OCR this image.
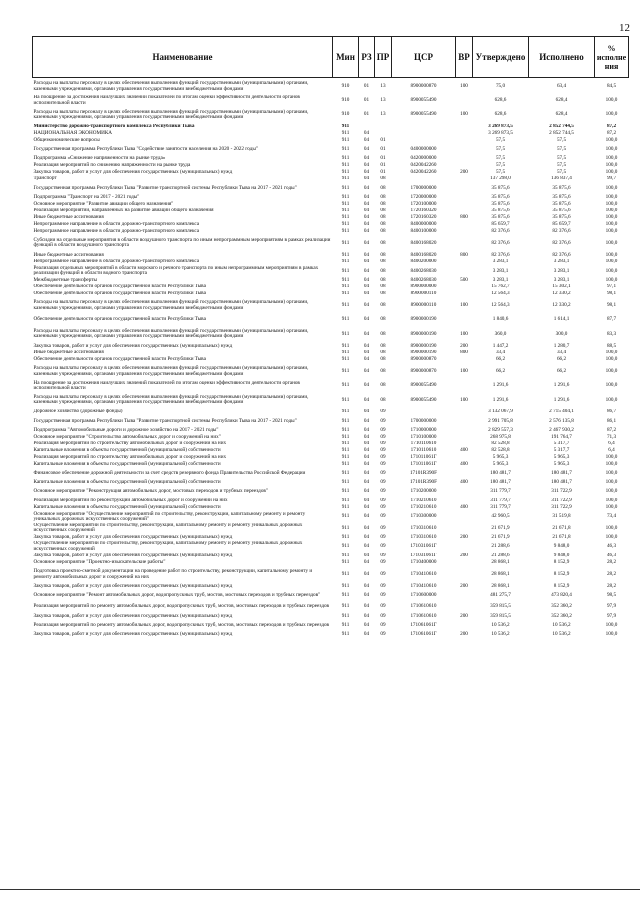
12
Наименование	Мин	РЗ	ПР	ЦСР	ВР	Утверждено	Исполнено	% исполне ния
Расходы на выплаты персоналу в целях обеспечения выполнения функций государственными (муниципальными) органами, казенными учреждениями, органами управления государственными внебюджетными фондами	910	01	13	8900000870	100	75,0	63,4	84,5
На поощрение за достижения наилучших значений показателей по итогам оценки эффективности деятельности органов исполнительной власти	910	01	13	8900055490		628,6	628,4	100,0
Расходы на выплаты персоналу в целях обеспечения выполнения функций государственными (муниципальными) органами, казенными учреждениями, органами управления государственными внебюджетными фондами	910	01	13	8900055490	100	628,6	628,4	100,0
Министерство дорожно-транспортного комплекса Республики Тыва	911					3 269 873,5	2 852 744,5	87,2
НАЦИОНАЛЬНАЯ ЭКОНОМИКА	911	04				3 269 873,5	2 852 744,5	87,2
Общеэкономические вопросы	911	04	01			57,5	57,5	100,0
Государственная программа Республики Тыва "Содействие занятости населения на 2020 - 2022 годы"	911	04	01	0400000000		57,5	57,5	100,0
Подпрограмма «Снижение напряженности на рынке труда»	911	04	01	0420000000		57,5	57,5	100,0
Реализация мероприятий по снижению напряженности на рынке труда	911	04	01	0420042260		57,5	57,5	100,0
Закупка товаров, работ и услуг для обеспечения государственных (муниципальных) нужд	911	04	01	0420042260	200	57,5	57,5	100,0
Транспорт	911	04	08			137 298,0	136 837,4	99,7
Государственная программа Республики Тыва "Развитие транспортной системы Республики Тыва на 2017 - 2021 годы"	911	04	08	1700000000		35 875,6	35 875,6	100,0
Подпрограмма "Транспорт на 2017 - 2021 годы"	911	04	08	1720000000		35 875,6	35 875,6	100,0
Основное мероприятие "Развитие авиации общего назначения"	911	04	08	1720100000		35 875,6	35 875,6	100,0
Реализация мероприятий, направленных на развитие авиации общего назначения	911	04	08	1720160320		35 875,6	35 875,6	100,0
Иные бюджетные ассигнования	911	04	08	1720160320	800	35 875,6	35 875,6	100,0
Непрограммное направление в области дорожно-транспортного комплекса	911	04	08	8400000000		85 659,7	85 659,7	100,0
Непрограммное направление в области дорожно-транспортного комплекса	911	04	08	8400100000		82 376,6	82 376,6	100,0
Субсидии на отдельные мероприятия в области воздушного транспорта по иным непрограммным мероприятиям в рамках реализации функций в области воздушного транспорта	911	04	08	8400168020		82 376,6	82 376,6	100,0
Иные бюджетные ассигнования	911	04	08	8400168020	800	82 376,6	82 376,6	100,0
Непрограммное направление в области дорожно-транспортного комплекса	911	04	08	8400200000		3 283,1	3 283,1	100,0
Реализация отдельных мероприятий в области морского и речного транспорта по иным непрограммным мероприятиям в рамках реализации функций в области водного транспорта	911	04	08	8400268030		3 283,1	3 283,1	100,0
Межбюджетные трансферты	911	04	08	8400268030	500	3 283,1	3 283,1	100,0
Обеспечение деятельности органов государственной власти Республики Тыва	911	04	08	8900000000		15 762,7	15 302,1	97,1
Обеспечение деятельности органов государственной власти Республики Тыва	911	04	08	8900000110		12 564,3	12 330,2	98,1
Расходы на выплаты персоналу в целях обеспечения выполнения функций государственными (муниципальными) органами, казенными учреждениями, органами управления государственными внебюджетными фондами	911	04	08	8900000110	100	12 564,3	12 330,2	98,1
Обеспечение деятельности органов государственной власти Республики Тыва	911	04	08	8900000190		1 840,6	1 614,1	87,7
Расходы на выплаты персоналу в целях обеспечения выполнения функций государственными (муниципальными) органами, казенными учреждениями, органами управления государственными внебюджетными фондами	911	04	08	8900000190	100	360,0	300,0	83,3
Закупка товаров, работ и услуг для обеспечения государственных (муниципальных) нужд	911	04	08	8900000190	200	1 447,2	1 280,7	88,5
Иные бюджетные ассигнования	911	04	08	8900000190	800	33,4	33,4	100,0
Обеспечение деятельности органов государственной власти Республики Тыва	911	04	08	8900000870		66,2	66,2	100,0
Расходы на выплаты персоналу в целях обеспечения выполнения функций государственными (муниципальными) органами, казенными учреждениями, органами управления государственными внебюджетными фондами	911	04	08	8900000870	100	66,2	66,2	100,0
На поощрение за достижения наилучших значений показателей по итогам оценки эффективности деятельности органов исполнительной власти	911	04	08	8900055490		1 291,6	1 291,6	100,0
Расходы на выплаты персоналу в целях обеспечения выполнения функций государственными (муниципальными) органами, казенными учреждениями, органами управления государственными внебюджетными фондами	911	04	08	8900055490	100	1 291,6	1 291,6	100,0
Дорожное хозяйство (дорожные фонды)	911	04	09			3 132 067,9	2 715 404,1	86,7
Государственная программа Республики Тыва "Развитие транспортной системы Республики Тыва на 2017 - 2021 годы"	911	04	09	1700000000		2 991 705,8	2 576 135,8	86,1
Подпрограмма "Автомобильные дороги и дорожное хозяйство на 2017 - 2021 годы"	911	04	09	1710000000		2 829 557,3	2 467 930,2	87,2
Основное мероприятие "Строительство автомобильных дорог и сооружений на них"	911	04	09	1710100000		268 975,8	191 764,7	71,3
Реализация мероприятий по строительству автомобильных дорог и сооружений на них	911	04	09	1710110610		82 528,8	5 317,7	6,4
Капитальные вложения в объекты государственной (муниципальной) собственности	911	04	09	1710110610	400	82 528,8	5 317,7	6,4
Реализация мероприятий по строительству автомобильных дорог и сооружений на них	911	04	09	171011061Г		5 965,3	5 965,3	100,0
Капитальные вложения в объекты государственной (муниципальной) собственности	911	04	09	171011061Г	400	5 965,3	5 965,3	100,0
Финансовое обеспечение дорожной деятельности за счет средств резервного фонда Правительства Российской Федерации	911	04	09	17101R390F		180 481,7	180 481,7	100,0
Капитальные вложения в объекты государственной (муниципальной) собственности	911	04	09	17101R390F	400	180 481,7	180 481,7	100,0
Основное мероприятие "Реконструкция автомобильных дорог, мостовых переходов и трубных переездов"	911	04	09	1710200000		311 779,7	311 722,9	100,0
Реализация мероприятий по реконструкции автомобильных дорог и сооружений на них	911	04	09	1710210610		311 779,7	311 722,9	100,0
Капитальные вложения в объекты государственной (муниципальной) собственности	911	04	09	1710210610	400	311 779,7	311 722,9	100,0
Основное мероприятие "Осуществление мероприятий по строительству, реконструкции, капитальному ремонту и ремонту уникальных дорожных искусственных сооружений"	911	04	09	1710300000		42 960,5	31 519,8	73,4
Осуществление мероприятий по строительству, реконструкции, капитальному ремонту и ремонту уникальных дорожных искусственных сооружений	911	04	09	1710310610		21 671,9	21 671,8	100,0
Закупка товаров, работ и услуг для обеспечения государственных (муниципальных) нужд	911	04	09	1710310610	200	21 671,9	21 671,8	100,0
Осуществление мероприятий по строительству, реконструкции, капитальному ремонту и ремонту уникальных дорожных искусственных сооружений	911	04	09	171031061Г		21 288,6	9 848,0	46,3
Закупка товаров, работ и услуг для обеспечения государственных (муниципальных) нужд	911	04	09	171031061Г	200	21 288,6	9 848,0	46,3
Основное мероприятие "Проектно-изыскательские работы"	911	04	09	1710400000		28 868,1	8 152,9	28,2
Подготовка проектно-сметной документации на проведение работ по строительству, реконструкции, капитальному ремонту и ремонту автомобильных дорог и сооружений на них	911	04	09	1710410610		28 868,1	8 152,9	28,2
Закупка товаров, работ и услуг для обеспечения государственных (муниципальных) нужд	911	04	09	1710410610	200	28 868,1	8 152,9	28,2
Основное мероприятие "Ремонт автомобильных дорог, водопропускных труб, мостов, мостовых переходов и трубных переездов"	911	04	09	1710600000		481 275,7	473 820,4	98,5
Реализация мероприятий по ремонту автомобильных дорог, водопропускных труб, мостов, мостовых переходов и трубных переездов	911	04	09	1710610610		359 815,5	352 360,2	97,9
Закупка товаров, работ и услуг для обеспечения государственных (муниципальных) нужд	911	04	09	1710610610	200	359 815,5	352 360,2	97,9
Реализация мероприятий по ремонту автомобильных дорог, водопропускных труб, мостов, мостовых переходов и трубных переездов	911	04	09	171061061Г		10 536,2	10 536,2	100,0
Закупка товаров, работ и услуг для обеспечения государственных (муниципальных) нужд	911	04	09	171061061Г	200	10 536,2	10 536,2	100,0
